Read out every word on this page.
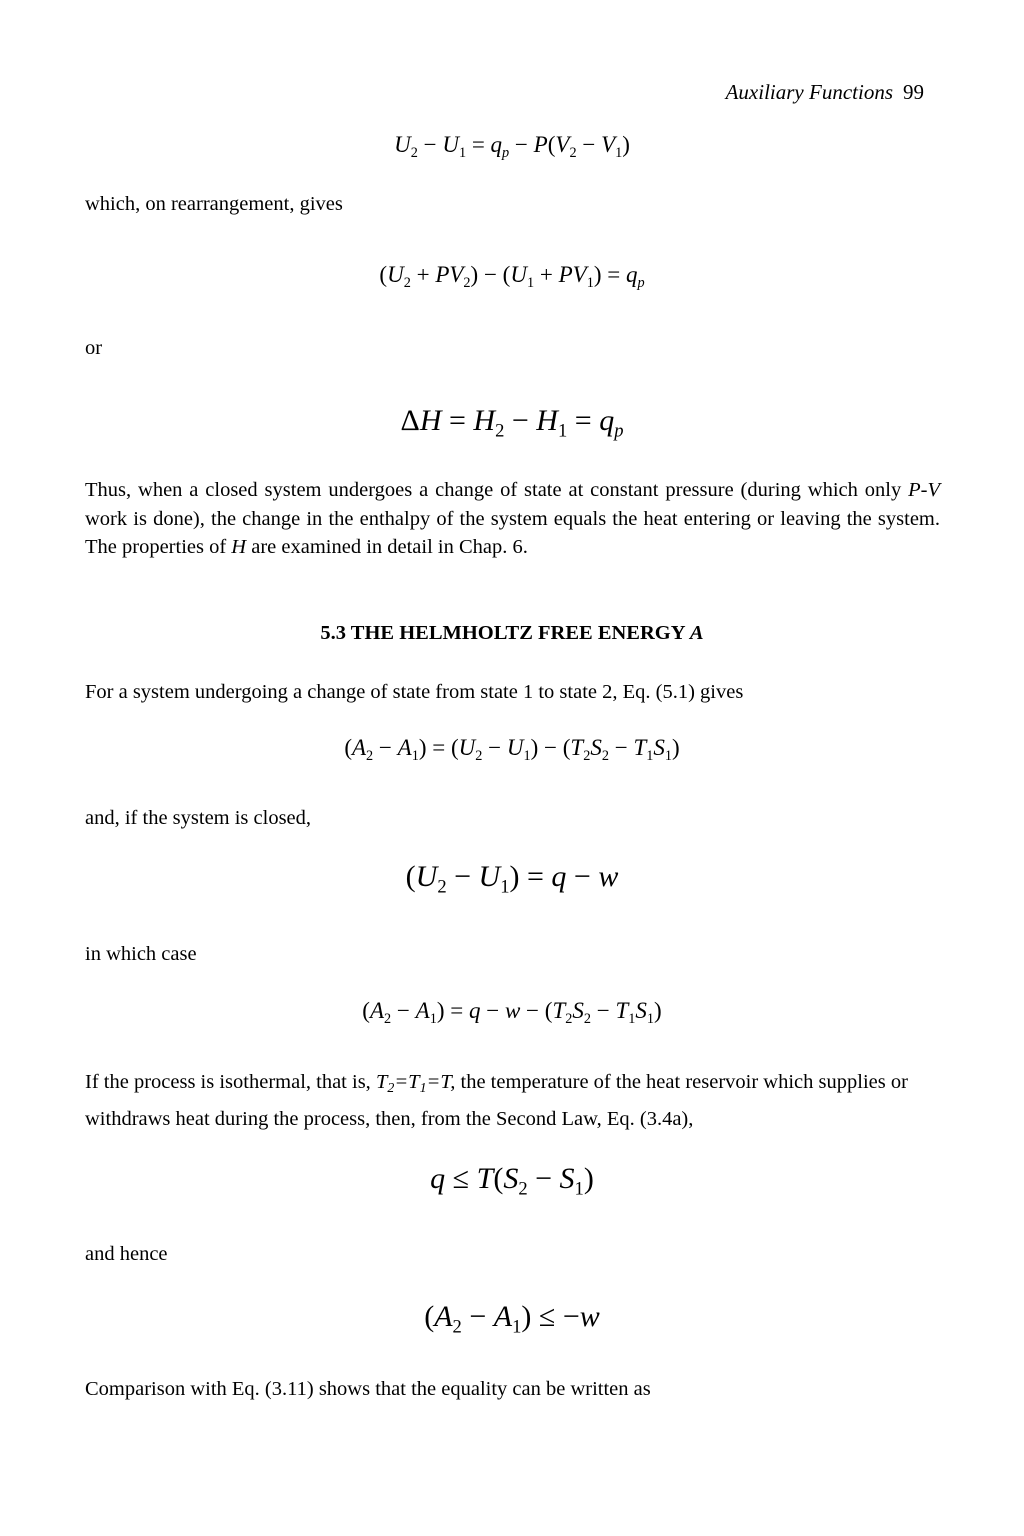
Auxiliary Functions 99
$U_2 - U_1 = q_p - P(V_2 - V_1)$

which, on rearrangement, gives

$(U_2 + PV_2) - (U_1 + PV_1) = q_p$

or

$\Delta H = H_2 - H_1 = q_p$

Thus, when a closed system undergoes a change of state at constant pressure (during which only P-V work is done), the change in the enthalpy of the system equals the heat entering or leaving the system. The properties of H are examined in detail in Chap. 6.

5.3 THE HELMHOLTZ FREE ENERGY A

For a system undergoing a change of state from state 1 to state 2, Eq. (5.1) gives

$(A_2 - A_1) = (U_2 - U_1) - (T_2S_2 - T_1S_1)$

and, if the system is closed,

$(U_2 - U_1) = q - w$

in which case

$(A_2 - A_1) = q - w - (T_2S_2 - T_1S_1)$

If the process is isothermal, that is, $T_2=T_1=T$, the temperature of the heat reservoir which supplies or withdraws heat during the process, then, from the Second Law, Eq. (3.4a),

$q \le T(S_2 - S_1)$

and hence

$(A_2 - A_1) \le -w$

Comparison with Eq. (3.11) shows that the equality can be written as
